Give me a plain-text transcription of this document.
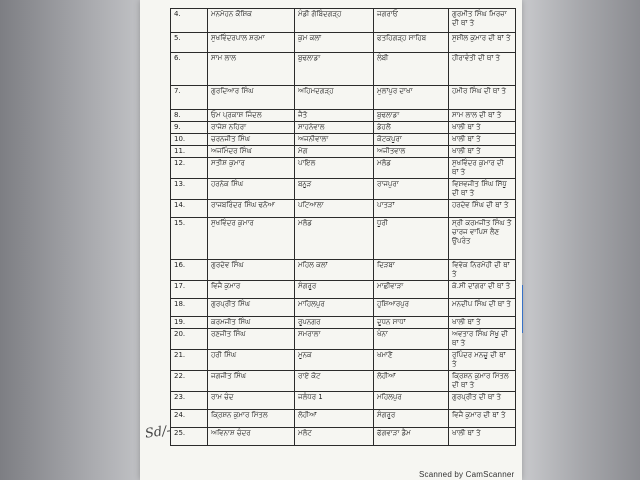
4.	ਮਨਮੋਹਨ ਕੌਸ਼ਿਕ	ਮੰਡੀ ਗੋਬਿੰਦਗੜ੍ਹ	ਜਗਰਾਓਂ	ਗੁਰਮੀਤ ਸਿੰਘ ਮਿਰਜ਼ਾ ਦੀ ਥਾਂ ਤੇ
5.	ਸੁਖਵਿੰਦਰਪਾਲ ਸ਼ਰਮਾ	ਕੁਮ ਕਲਾਂ	ਫਤਹਿਗੜ੍ਹ ਸਾਹਿਬ	ਸੁਸ਼ੀਲ ਕੁਮਾਰ ਦੀ ਥਾਂ ਤੇ
6.	ਸਾਮ ਲਾਲ	ਬੁਢਲਾਡਾ	ਲੰਬੀ	ਹੀਰਾਵੰਤੀ ਦੀ ਥਾਂ ਤੇ
7.	ਗੁਰਦਿਆਰ ਸਿੰਘ	ਅਹਿਮਦਗੜ੍ਹ	ਮੁਲਾਂਪੁਰ ਦਾਖਾ	ਹਮੀਰ ਸਿੰਘ ਦੀ ਥਾਂ ਤੇ
8.	ਓਮ ਪ੍ਰਕਾਸ਼ ਜਿੰਦਲ	ਜੈਤੋ	ਬੁਢਲਾਡਾ	ਸਾਮ ਲਾਲ ਦੀ ਥਾਂ ਤੇ
9.	ਰਾਜੇਸ਼ ਨਹਿਰਾ	ਸਾਹਨੇਵਾਲ	ਡੇਹਲੋਂ	ਖਾਲੀ ਥਾਂ ਤੇ
10.	ਚਰਨਜੀਤ ਸਿੰਘ	ਅਜਨੀਵਾਲਾ	ਕੋਟਕਪੂਰਾ	ਖਾਲੀ ਥਾਂ ਤੇ
11.	ਅਜਮਿੰਦਰ ਸਿੰਘ	ਮੋਗ	ਅਜੀਤਵਾਲ	ਖਾਲੀ ਥਾਂ ਤੇ
12.	ਸਤੀਸ਼ ਕੁਮਾਰ	ਪਾਇਲ	ਮਲੋਡ	ਸੁਖਵਿੰਦਰ ਕੁਮਾਰ ਦੀ ਥਾਂ ਤੇ
13.	ਹਰਨੇਕ ਸਿੰਘ	ਬਨੂੜ	ਰਾਜਪੁਰਾ	ਵਿਸ਼ਵਜੀਤ ਸਿੰਘ ਸਿੱਧੂ ਦੀ ਥਾਂ ਤੇ
14.	ਰਾਜਬਰਿੰਦਰ ਸਿੰਘ ਢਨੋਆ	ਪਟਿਆਲਾ	ਪਾਤੜਾਂ	ਹਰਦੇਵ ਸਿੰਘ ਦੀ ਥਾਂ ਤੇ
15.	ਸੁਖਵਿੰਦਰ ਕੁਮਾਰ	ਮਲੋਡ	ਧੂਰੀ	ਸ੍ਰੀ ਕਰਮਜੀਤ ਸਿੰਘ ਤੋਂ ਚਾਰਜ ਵਾਪਿਸ ਲੈਣ ਉਪਰੰਤ
16.	ਗੁਰਦੇਵ ਸਿੰਘ	ਮਹਿਲ ਕਲਾਂ	ਦਿੜਬਾ	ਵਿਵੇਕ ਨਿਰਮੋਹੀ ਦੀ ਥਾਂ ਤੇ
17.	ਵਿਜੈ ਕੁਮਾਰ	ਸੰਗਰੂਰ	ਮਾਛੀਵਾੜਾ	ਕੇ.ਸੀ ਦਾਂਗਰਾ ਦੀ ਥਾਂ ਤੇ
18.	ਗੁਰਪ੍ਰੀਤ ਸਿੰਘ	ਮਾਹਿਲਪੁਰ	ਹੁਸ਼ਿਆਰਪੁਰ	ਮਨਦੀਪ ਸਿੰਘ ਦੀ ਥਾਂ ਤੇ
19.	ਕਰਮਜੀਤ ਸਿੰਘ	ਰੂਪਨਗਰ	ਦੂਧਨ ਸਾਧਾਂ	ਖਾਲੀ ਥਾਂ ਤੇ
20.	ਰਣਜੀਤ ਸਿੰਘ	ਸਮਰਾਲਾ	ਖੰਨਾ	ਅਵਤਾਰ ਸਿੰਘ ਸੇਖੂ ਦੀ ਥਾਂ ਤੇ
21.	ਹਰੀ ਸਿੰਘ	ਮੂਨਕ	ਖਮਾਣੋਂ	ਰੁਪਿੰਦਰ ਮਨਚੂ ਦੀ ਥਾਂ ਤੇ
22.	ਜਗਜੀਤ ਸਿੰਘ	ਰਾਏ ਕੋਟ	ਲੋਹੀਆਂ	ਕ੍ਰਿਸ਼ਨ ਕੁਮਾਰ ਮਿੱਤਲ ਦੀ ਥਾਂ ਤੇ
23.	ਰਾਮ ਚੰਦ	ਜਲੰਧਰ 1	ਮਹਿਲਪੁਰ	ਗੁਰਪ੍ਰੀਤ ਦੀ ਥਾਂ ਤੇ
24.	ਕ੍ਰਿਸ਼ਨ ਕੁਮਾਰ ਮਿੱਤਲ	ਲੋਹੀਆਂ	ਸੰਗਰੂਰ	ਵਿਜੈ ਕੁਮਾਰ ਦੀ ਥਾਂ ਤੇ
25.	ਅਵਿਨਾਸ਼ ਚੰਦਰ	ਮਲੋਟ	ਫੱਗਵਾੜਾ ਡੈਮ	ਖਾਲੀ ਥਾਂ ਤੇ
Sd/-
Scanned by CamScanner
